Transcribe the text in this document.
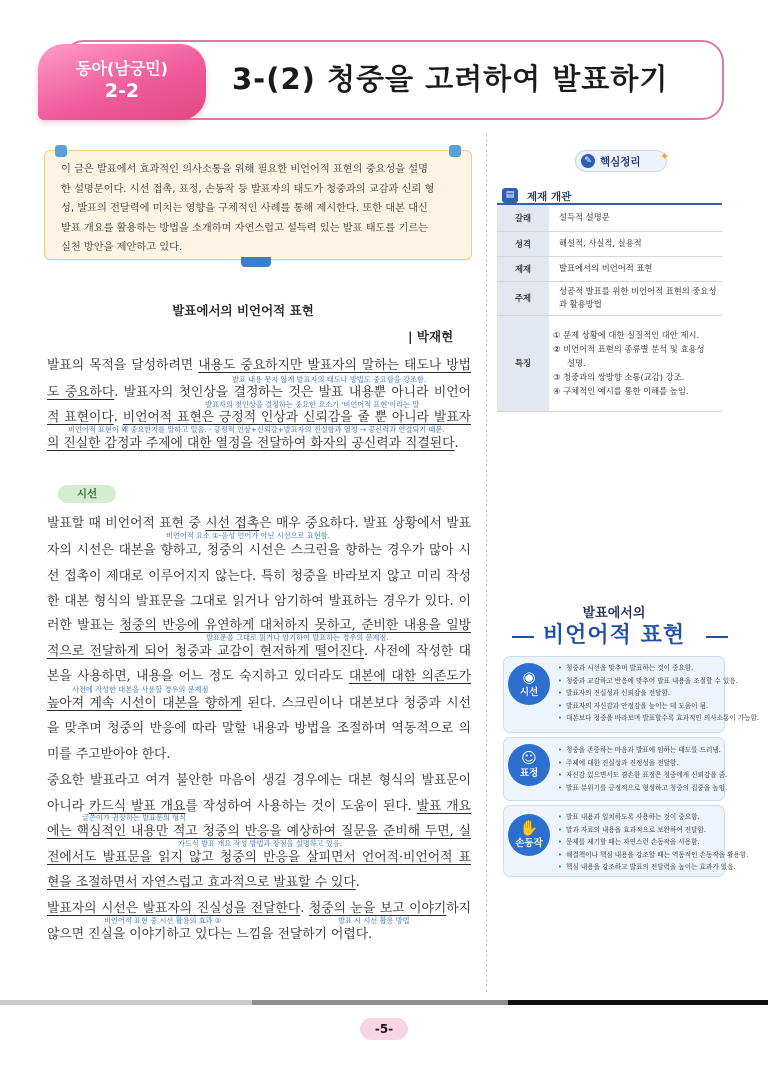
동아(남궁민)
2-2	3-(2) 청중을 고려하여 발표하기
이 글은 발표에서 효과적인 의사소통을 위해 필요한 비언어적 표현의 중요성을 설명
한 설명문이다. 시선 접촉, 표정, 손동작 등 발표자의 태도가 청중과의 교감과 신뢰 형
성, 발표의 전달력에 미치는 영향을 구체적인 사례를 통해 제시한다. 또한 대본 대신
발표 개요를 활용하는 방법을 소개하며 자연스럽고 설득력 있는 발표 태도를 기르는
실천 방안을 제안하고 있다.
발표에서의 비언어적 표현
| 박재현
발표의 목적을 달성하려면 내용도 중요하지만 발표자의 말하는 태도나 방법
발표 내용 못지 않게 발표자의 태도나 방법도 중요함을 강조함.
도 중요하다. 발표자의 첫인상을 결정하는 것은 발표 내용뿐 아니라 비언어
발표자의 첫인상을 결정하는 중요한 요소가 '비언어적 표현'이라는 말
적 표현이다. 비언어적 표현은 긍정적 인상과 신뢰감을 줄 뿐 아니라 발표자
비언어적 표현이 왜 중요한지를 말하고 있음. - 긍정적 인상+신뢰감+발표자의 진실함과 열정 → 공신력과 연결되기 때문.
의 진실한 감정과 주제에 대한 열정을 전달하여 화자의 공신력과 직결된다.
시선
발표할 때 비언어적 표현 중 시선 접촉은 매우 중요하다. 발표 상황에서 발표
비언어적 요소 ①-음성 언어가 아닌 시선으로 표현함.
자의 시선은 대본을 향하고, 청중의 시선은 스크린을 향하는 경우가 많아 시
선 접촉이 제대로 이루어지지 않는다. 특히 청중을 바라보지 않고 미리 작성
한 대본 형식의 발표문을 그대로 읽거나 암기하여 발표하는 경우가 있다. 이
러한 발표는 청중의 반응에 유연하게 대처하지 못하고, 준비한 내용을 일방
발표문을 그대로 읽거나 암기하여 발표하는 경우의 문제점.
적으로 전달하게 되어 청중과 교감이 현저하게 떨어진다. 사전에 작성한 대
본을 사용하면, 내용을 어느 정도 숙지하고 있더라도 대본에 대한 의존도가
사전에 작성한 대본을 사용할 경우의 문제점
높아져 계속 시선이 대본을 향하게 된다. 스크린이나 대본보다 청중과 시선
을 맞추며 청중의 반응에 따라 말할 내용과 방법을 조절하며 역동적으로 의
미를 주고받아야 한다.
중요한 발표라고 여겨 불안한 마음이 생길 경우에는 대본 형식의 발표문이
아니라 카드식 발표 개요를 작성하여 사용하는 것이 도움이 된다. 발표 개요
글쓴이가 권장하는 발표문의 형식
에는 핵심적인 내용만 적고 청중의 반응을 예상하여 질문을 준비해 두면, 실
카드식 발표 개요 작성 방법과 장점을 설명하고 있음.
전에서도 발표문을 읽지 않고 청중의 반응을 살피면서 언어적·비언어적 표
현을 조절하면서 자연스럽고 효과적으로 발표할 수 있다.
발표자의 시선은 발표자의 진실성을 전달한다. 청중의 눈을 보고 이야기하지
비언어적 표현 중 시선 활용의 효과 ①	발표 시 시선 활용 방법
않으면 진실을 이야기하고 있다는 느낌을 전달하기 어렵다.
✎ 핵심정리 ✦
▤	제재 개관
갈래	설득적 설명문
성격	해설적, 사실적, 실용적
제재	발표에서의 비언어적 표현
주제	성공적 발표를 위한 비언어적 표현의 중요성과 활용방법
특징	① 문제 상황에 대한 실질적인 대안 제시.
② 비언어적 표현의 종류별 분석 및 효용성
설명.
③ 청중과의 쌍방향 소통(교감) 강조.
④ 구체적인 예시를 통한 이해를 높임.
발표에서의
비언어적 표현
◉
시선
• 청중과 시선을 맞추며 발표하는 것이 중요함.
• 청중과 교감하고 반응에 맞추어 발표 내용을 조절할 수 있음.
• 발표자의 진실성과 신뢰감을 전달함.
• 발표자의 자신감과 안정감을 높이는 데 도움이 됨.
• 대본보다 청중을 바라보며 발표할수록 효과적인 의사소통이 가능함.
☺
표정
• 청중을 존중하는 마음과 발표에 임하는 태도를 드러냄.
• 주제에 대한 진실성과 진정성을 전달함.
• 자신감 있으면서도 겸손한 표정은 청중에게 신뢰감을 줌.
• 발표 분위기를 긍정적으로 형성하고 청중의 집중을 높임.
✋
손동작
• 발표 내용과 일치하도록 사용하는 것이 중요함.
• 말과 자료의 내용을 효과적으로 보완하여 전달함.
• 문제를 제기할 때는 자연스런 손동작을 사용함.
• 해결책이나 핵심 내용을 강조할 때는 역동적인 손동작을 활용함.
• 핵심 내용을 강조하고 발표의 전달력을 높이는 효과가 있음.
-5-
